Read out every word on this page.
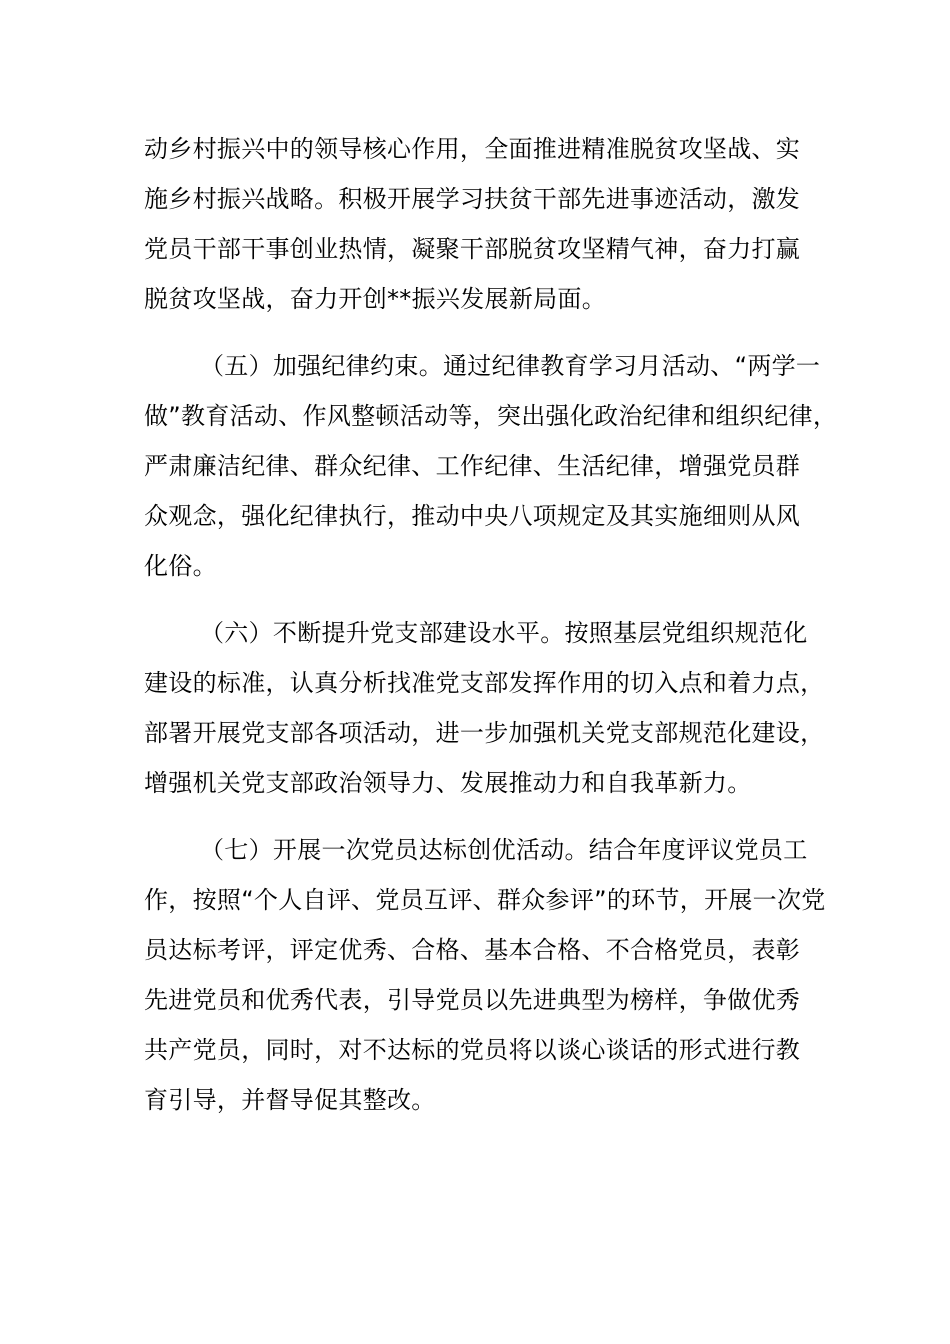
动乡村振兴中的领导核心作用，全面推进精准脱贫攻坚战、实
施乡村振兴战略。积极开展学习扶贫干部先进事迹活动，激发
党员干部干事创业热情，凝聚干部脱贫攻坚精气神，奋力打赢
脱贫攻坚战，奋力开创**振兴发展新局面。
（五）加强纪律约束。通过纪律教育学习月活动、“两学一
做”教育活动、作风整顿活动等，突出强化政治纪律和组织纪律，
严肃廉洁纪律、群众纪律、工作纪律、生活纪律，增强党员群
众观念，强化纪律执行，推动中央八项规定及其实施细则从风
化俗。
（六）不断提升党支部建设水平。按照基层党组织规范化
建设的标准，认真分析找准党支部发挥作用的切入点和着力点，
部署开展党支部各项活动，进一步加强机关党支部规范化建设，
增强机关党支部政治领导力、发展推动力和自我革新力。
（七）开展一次党员达标创优活动。结合年度评议党员工
作，按照“个人自评、党员互评、群众参评”的环节，开展一次党
员达标考评，评定优秀、合格、基本合格、不合格党员，表彰
先进党员和优秀代表，引导党员以先进典型为榜样，争做优秀
共产党员，同时，对不达标的党员将以谈心谈话的形式进行教
育引导，并督导促其整改。
